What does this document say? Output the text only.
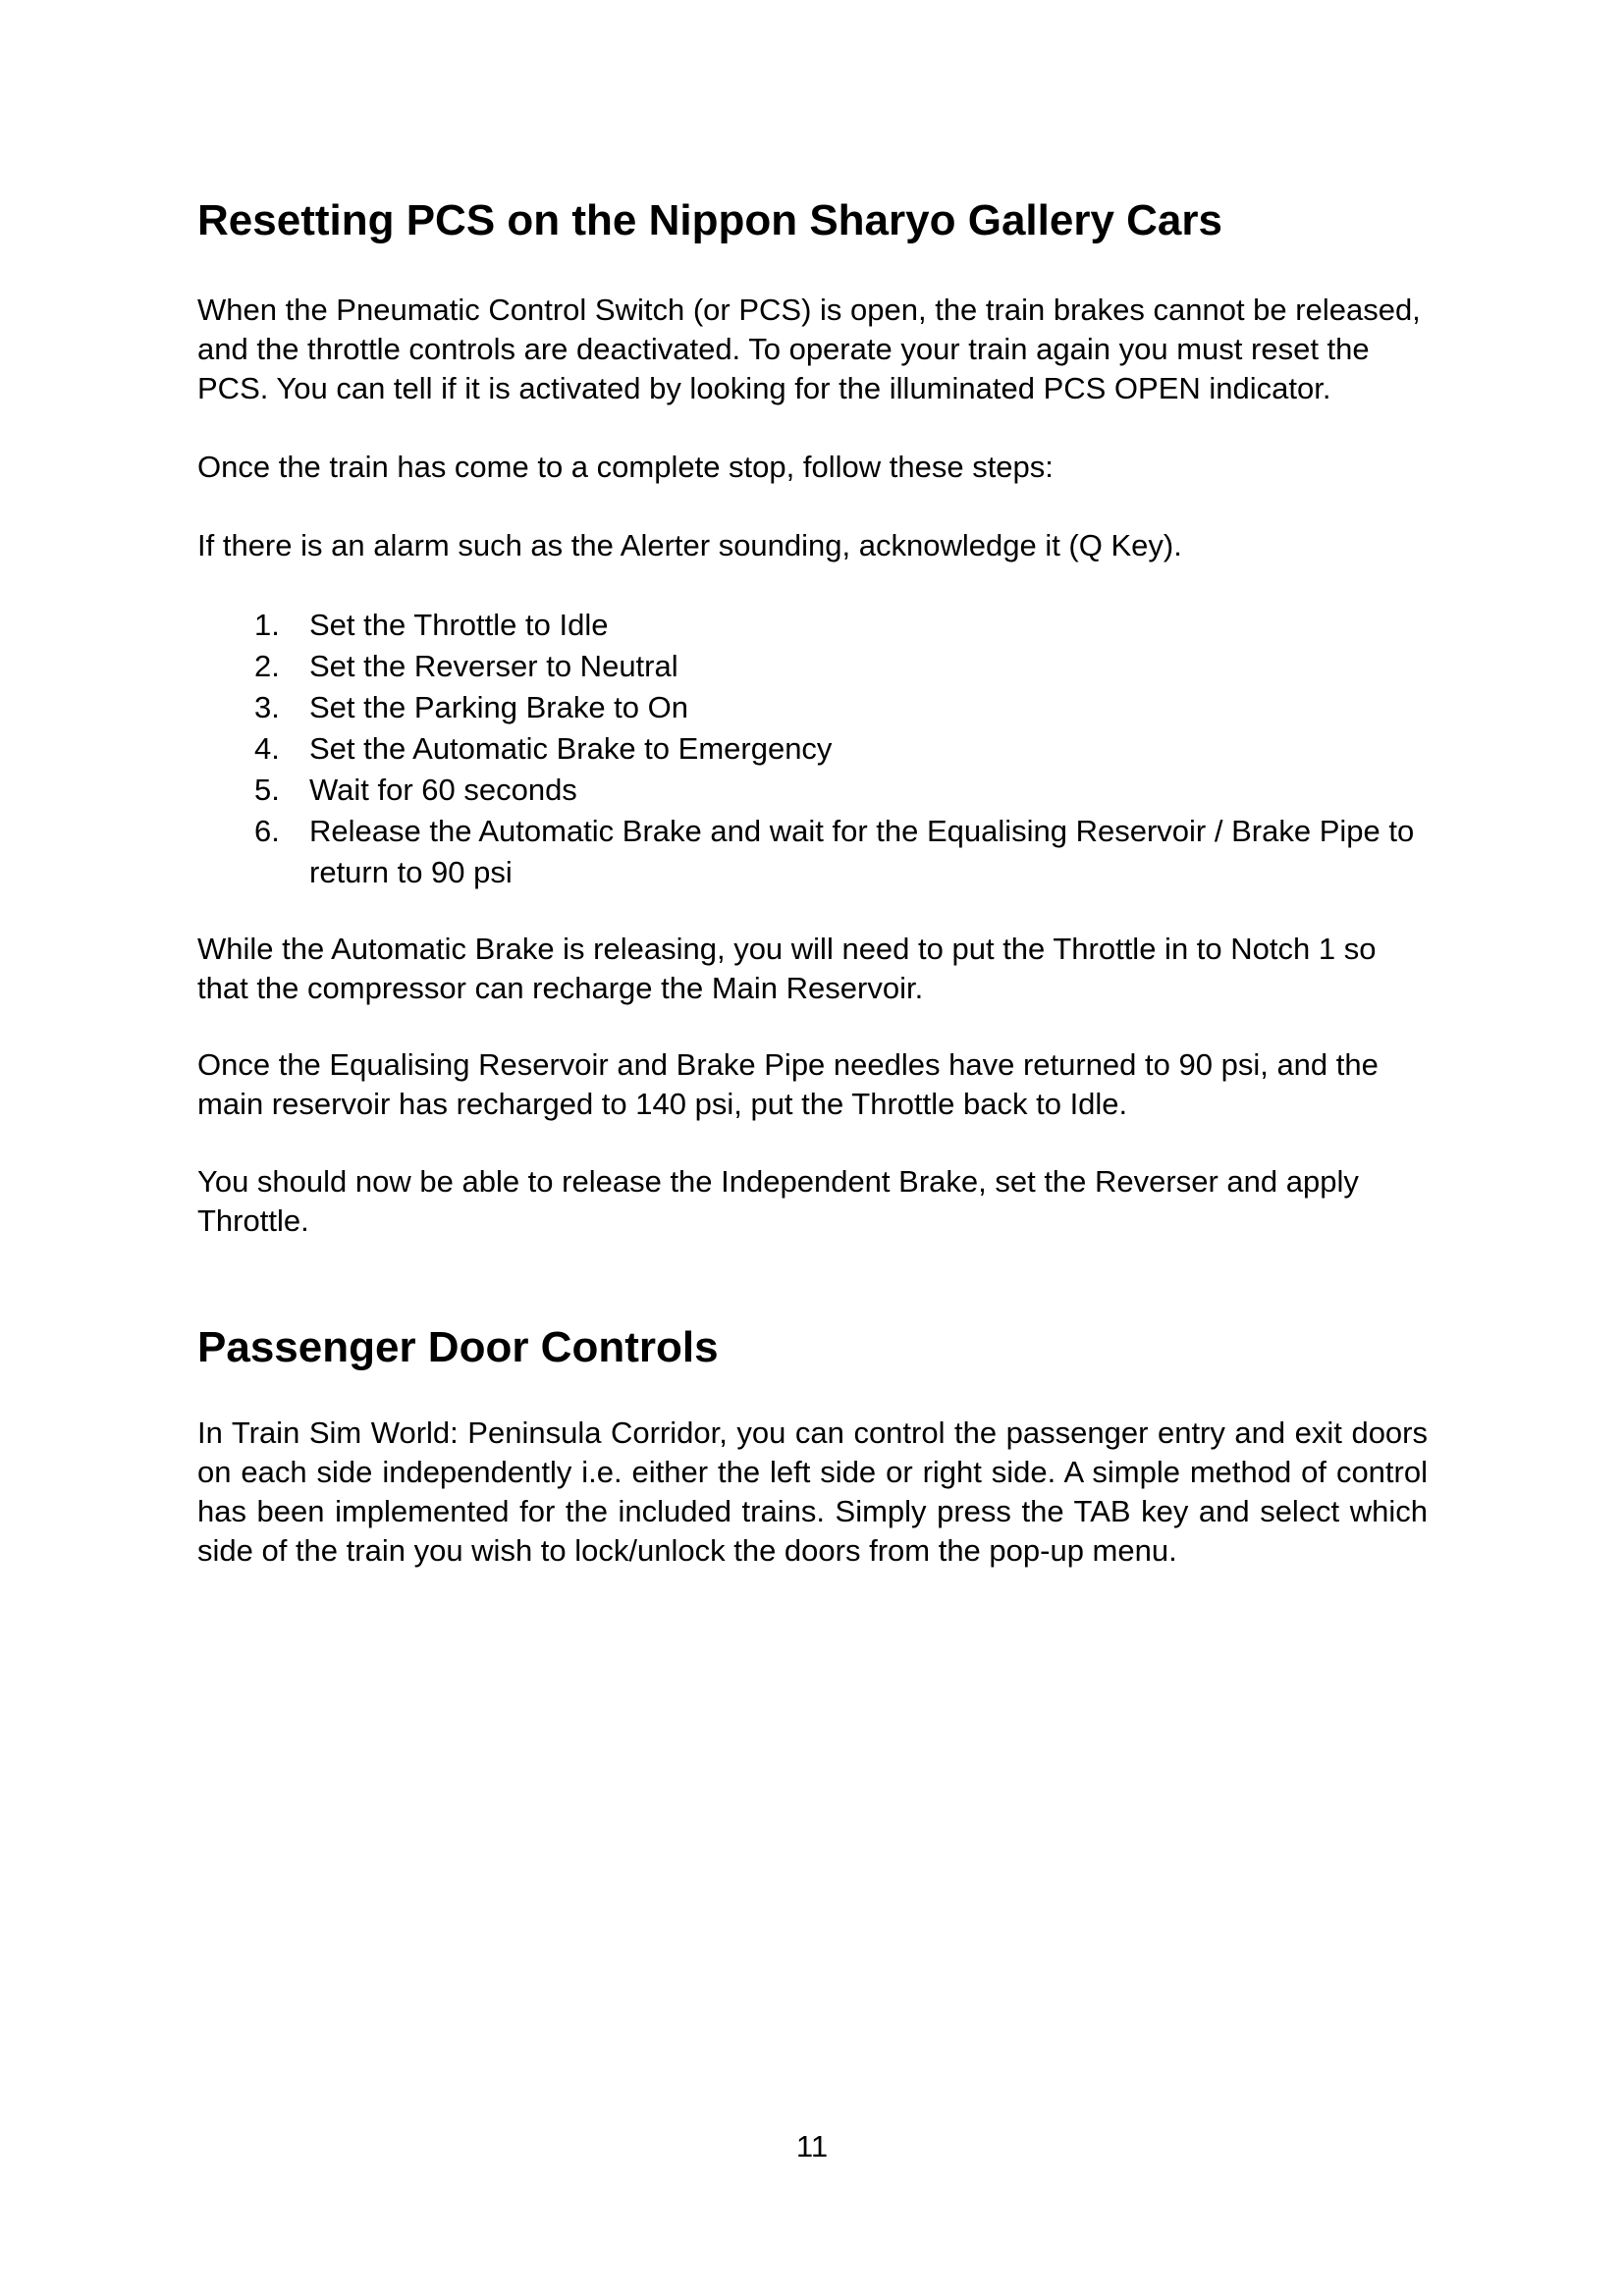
Resetting PCS on the Nippon Sharyo Gallery Cars

When the Pneumatic Control Switch (or PCS) is open, the train brakes cannot be released, and the throttle controls are deactivated. To operate your train again you must reset the PCS. You can tell if it is activated by looking for the illuminated PCS OPEN indicator.

Once the train has come to a complete stop, follow these steps:

If there is an alarm such as the Alerter sounding, acknowledge it (Q Key).

1. Set the Throttle to Idle
2. Set the Reverser to Neutral
3. Set the Parking Brake to On
4. Set the Automatic Brake to Emergency
5. Wait for 60 seconds
6. Release the Automatic Brake and wait for the Equalising Reservoir / Brake Pipe to return to 90 psi

While the Automatic Brake is releasing, you will need to put the Throttle in to Notch 1 so that the compressor can recharge the Main Reservoir.

Once the Equalising Reservoir and Brake Pipe needles have returned to 90 psi, and the main reservoir has recharged to 140 psi, put the Throttle back to Idle.

You should now be able to release the Independent Brake, set the Reverser and apply Throttle.

Passenger Door Controls

In Train Sim World: Peninsula Corridor, you can control the passenger entry and exit doors on each side independently i.e. either the left side or right side. A simple method of control has been implemented for the included trains. Simply press the TAB key and select which side of the train you wish to lock/unlock the doors from the pop-up menu.

11
